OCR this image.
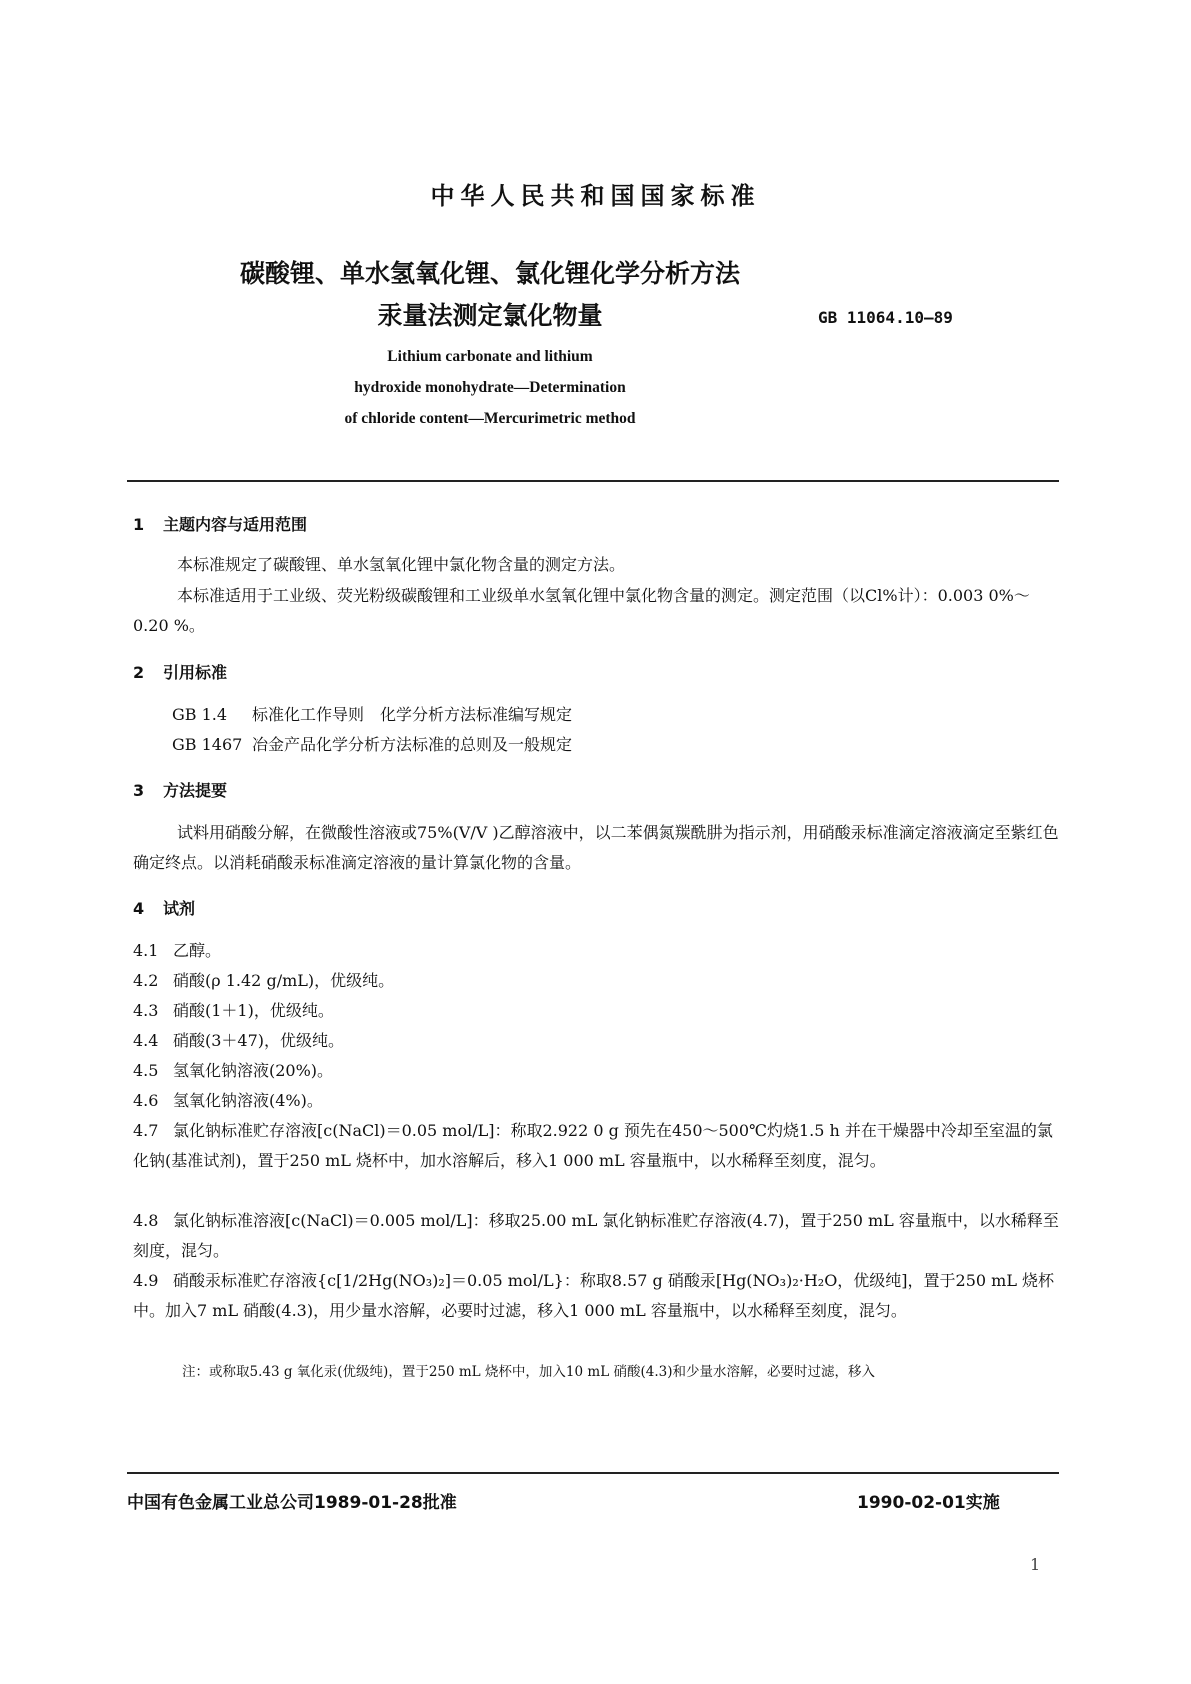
中华人民共和国国家标准
碳酸锂、单水氢氧化锂、氯化锂化学分析方法
汞量法测定氯化物量	GB 11064.10—89
Lithium carbonate and lithium
hydroxide monohydrate—Determination
of chloride content—Mercurimetric method
1 主题内容与适用范围
本标准规定了碳酸锂、单水氢氧化锂中氯化物含量的测定方法。
本标准适用于工业级、荧光粉级碳酸锂和工业级单水氢氧化锂中氯化物含量的测定。测定范围（以Cl%计）：0.003 0%～0.20 %。
2 引用标准
GB 1.4 标准化工作导则　化学分析方法标准编写规定
GB 1467 冶金产品化学分析方法标准的总则及一般规定
3 方法提要
试料用硝酸分解，在微酸性溶液或75%(V/V )乙醇溶液中，以二苯偶氮羰酰肼为指示剂，用硝酸汞标准滴定溶液滴定至紫红色确定终点。以消耗硝酸汞标准滴定溶液的量计算氯化物的含量。
4 试剂
4.1 乙醇。
4.2 硝酸(ρ 1.42 g/mL)，优级纯。
4.3 硝酸(1＋1)，优级纯。
4.4 硝酸(3＋47)，优级纯。
4.5 氢氧化钠溶液(20%)。
4.6 氢氧化钠溶液(4%)。
4.7 氯化钠标准贮存溶液[c(NaCl)＝0.05 mol/L]：称取2.922 0 g 预先在450～500℃灼烧1.5 h 并在干燥器中冷却至室温的氯化钠(基准试剂)，置于250 mL 烧杯中，加水溶解后，移入1 000 mL 容量瓶中，以水稀释至刻度，混匀。
4.8 氯化钠标准溶液[c(NaCl)＝0.005 mol/L]：移取25.00 mL 氯化钠标准贮存溶液(4.7)，置于250 mL 容量瓶中，以水稀释至刻度，混匀。
4.9 硝酸汞标准贮存溶液{c[1/2Hg(NO₃)₂]＝0.05 mol/L}：称取8.57 g 硝酸汞[Hg(NO₃)₂·H₂O，优级纯]，置于250 mL 烧杯中。加入7 mL 硝酸(4.3)，用少量水溶解，必要时过滤，移入1 000 mL 容量瓶中，以水稀释至刻度，混匀。
注：或称取5.43 g 氧化汞(优级纯)，置于250 mL 烧杯中，加入10 mL 硝酸(4.3)和少量水溶解，必要时过滤，移入
中国有色金属工业总公司1989-01-28批准	1990-02-01实施
1
